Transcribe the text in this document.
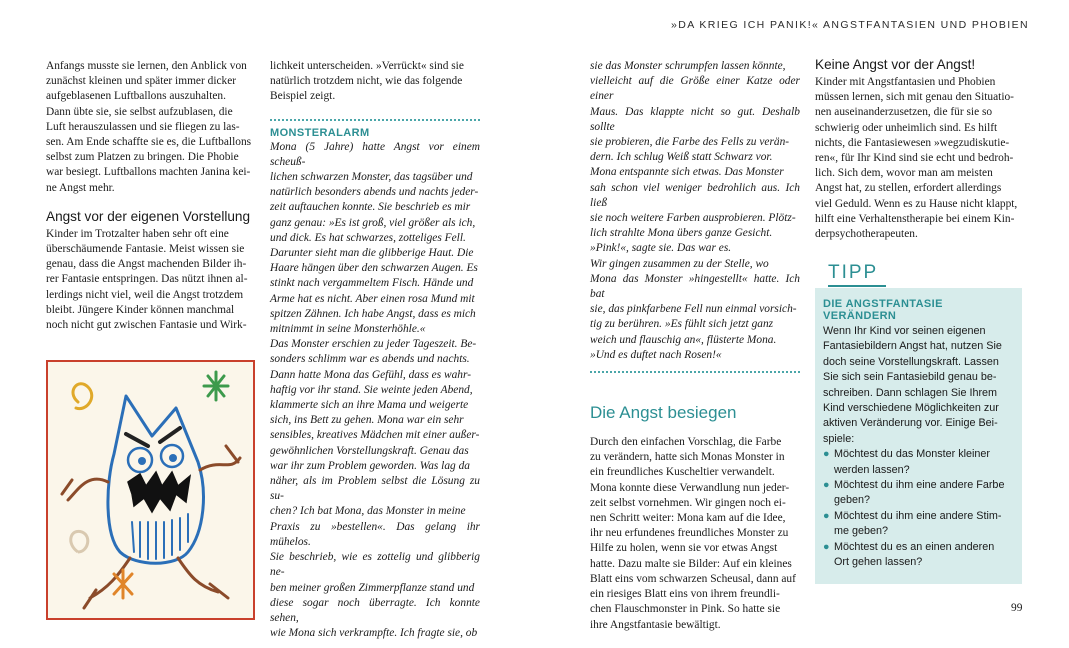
»DA KRIEG ICH PANIK!« ANGSTFANTASIEN UND PHOBIEN
Anfangs musste sie lernen, den Anblick von
zunächst kleinen und später immer dicker
aufgeblasenen Luftballons auszuhalten.
Dann übte sie, sie selbst aufzublasen, die
Luft herauszulassen und sie fliegen zu las-
sen. Am Ende schaffte sie es, die Luftballons
selbst zum Platzen zu bringen. Die Phobie
war besiegt. Luftballons machten Janina kei-
ne Angst mehr.
Angst vor der eigenen Vorstellung
Kinder im Trotzalter haben sehr oft eine
überschäumende Fantasie. Meist wissen sie
genau, dass die Angst machenden Bilder ih-
rer Fantasie entspringen. Das nützt ihnen al-
lerdings nicht viel, weil die Angst trotzdem
bleibt. Jüngere Kinder können manchmal
noch nicht gut zwischen Fantasie und Wirk-
lichkeit unterscheiden. »Verrückt« sind sie
natürlich trotzdem nicht, wie das folgende
Beispiel zeigt.
MONSTERALARM
Mona (5 Jahre) hatte Angst vor einem scheuß-
lichen schwarzen Monster, das tagsüber und
natürlich besonders abends und nachts jeder-
zeit auftauchen konnte. Sie beschrieb es mir
ganz genau: »Es ist groß, viel größer als ich,
und dick. Es hat schwarzes, zotteliges Fell.
Darunter sieht man die glibberige Haut. Die
Haare hängen über den schwarzen Augen. Es
stinkt nach vergammeltem Fisch. Hände und
Arme hat es nicht. Aber einen rosa Mund mit
spitzen Zähnen. Ich habe Angst, dass es mich
mitnimmt in seine Monsterhöhle.«
Das Monster erschien zu jeder Tageszeit. Be-
sonders schlimm war es abends und nachts.
Dann hatte Mona das Gefühl, dass es wahr-
haftig vor ihr stand. Sie weinte jeden Abend,
klammerte sich an ihre Mama und weigerte
sich, ins Bett zu gehen. Mona war ein sehr
sensibles, kreatives Mädchen mit einer außer-
gewöhnlichen Vorstellungskraft. Genau das
war ihr zum Problem geworden. Was lag da
näher, als im Problem selbst die Lösung zu su-
chen? Ich bat Mona, das Monster in meine
Praxis zu »bestellen«. Das gelang ihr mühelos.
Sie beschrieb, wie es zottelig und glibberig ne-
ben meiner großen Zimmerpflanze stand und
diese sogar noch überragte. Ich konnte sehen,
wie Mona sich verkrampfte. Ich fragte sie, ob
sie das Monster schrumpfen lassen könnte,
vielleicht auf die Größe einer Katze oder einer
Maus. Das klappte nicht so gut. Deshalb sollte
sie probieren, die Farbe des Fells zu verän-
dern. Ich schlug Weiß statt Schwarz vor.
Mona entspannte sich etwas. Das Monster
sah schon viel weniger bedrohlich aus. Ich ließ
sie noch weitere Farben ausprobieren. Plötz-
lich strahlte Mona übers ganze Gesicht.
»Pink!«, sagte sie. Das war es.
Wir gingen zusammen zu der Stelle, wo
Mona das Monster »hingestellt« hatte. Ich bat
sie, das pinkfarbene Fell nun einmal vorsich-
tig zu berühren. »Es fühlt sich jetzt ganz
weich und flauschig an«, flüsterte Mona.
»Und es duftet nach Rosen!«
Die Angst besiegen
Durch den einfachen Vorschlag, die Farbe
zu verändern, hatte sich Monas Monster in
ein freundliches Kuscheltier verwandelt.
Mona konnte diese Verwandlung nun jeder-
zeit selbst vornehmen. Wir gingen noch ei-
nen Schritt weiter: Mona kam auf die Idee,
ihr neu erfundenes freundliches Monster zu
Hilfe zu holen, wenn sie vor etwas Angst
hatte. Dazu malte sie Bilder: Auf ein kleines
Blatt eins vom schwarzen Scheusal, dann auf
ein riesiges Blatt eins von ihrem freundli-
chen Flauschmonster in Pink. So hatte sie
ihre Angstfantasie bewältigt.
Keine Angst vor der Angst!
Kinder mit Angstfantasien und Phobien
müssen lernen, sich mit genau den Situatio-
nen auseinanderzusetzen, die für sie so
schwierig oder unheimlich sind. Es hilft
nichts, die Fantasiewesen »wegzudiskutie-
ren«, für Ihr Kind sind sie echt und bedroh-
lich. Sich dem, wovor man am meisten
Angst hat, zu stellen, erfordert allerdings
viel Geduld. Wenn es zu Hause nicht klappt,
hilft eine Verhaltenstherapie bei einem Kin-
derpsychotherapeuten.
TIPP
DIE ANGSTFANTASIE VERÄNDERN
Wenn Ihr Kind vor seinen eigenen
Fantasiebildern Angst hat, nutzen Sie
doch seine Vorstellungskraft. Lassen
Sie sich sein Fantasiebild genau be-
schreiben. Dann schlagen Sie Ihrem
Kind verschiedene Möglichkeiten zur
aktiven Veränderung vor. Einige Bei-
spiele:
● Möchtest du das Monster kleiner
werden lassen?
● Möchtest du ihm eine andere Farbe
geben?
● Möchtest du ihm eine andere Stim-
me geben?
● Möchtest du es an einen anderen
Ort gehen lassen?
99
